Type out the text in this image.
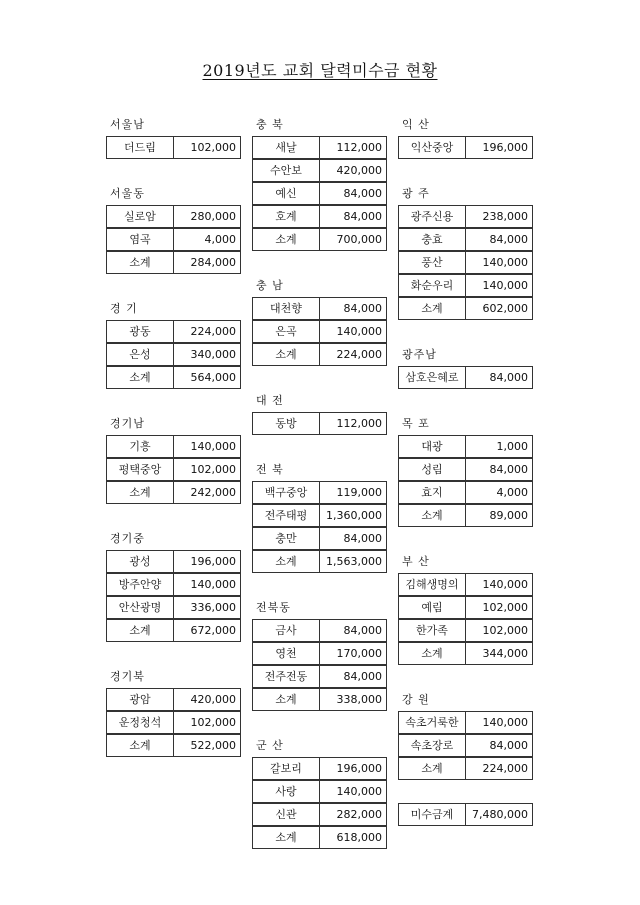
2019년도 교회 달력미수금 현황
서울남
더드림	102,000
서울동
실로암	280,000
염곡	4,000
소계	284,000
경 기
광동	224,000
은성	340,000
소계	564,000
경기남
기흥	140,000
평택중앙	102,000
소계	242,000
경기중
광성	196,000
방주안양	140,000
안산광명	336,000
소계	672,000
경기북
광암	420,000
운정청석	102,000
소계	522,000
충 북
새날	112,000
수안보	420,000
예신	84,000
호계	84,000
소계	700,000
충 남
대천향	84,000
은곡	140,000
소계	224,000
대 전
동방	112,000
전 북
백구중앙	119,000
전주태평	1,360,000
충만	84,000
소계	1,563,000
전북동
금사	84,000
영천	170,000
전주전동	84,000
소계	338,000
군 산
갈보리	196,000
사랑	140,000
신관	282,000
소계	618,000
익 산
익산중앙	196,000
광 주
광주신용	238,000
충효	84,000
풍산	140,000
화순우리	140,000
소계	602,000
광주남
삼호은혜로	84,000
목 포
대광	1,000
성림	84,000
효지	4,000
소계	89,000
부 산
김해생명의	140,000
예림	102,000
한가족	102,000
소계	344,000
강 원
속초거룩한	140,000
속초장로	84,000
소계	224,000
미수금계	7,480,000
